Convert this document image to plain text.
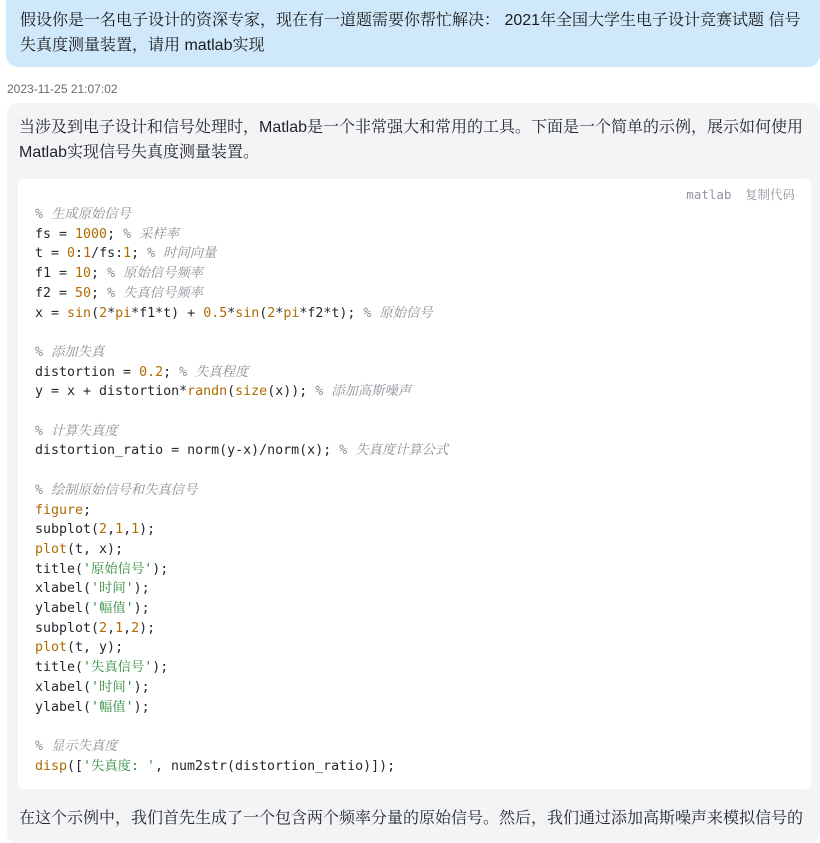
假设你是一名电子设计的资深专家，现在有一道题需要你帮忙解决： 2021年全国大学生电子设计竞赛试题 信号失真度测量装置，请用 matlab实现
2023-11-25 21:07:02
当涉及到电子设计和信号处理时，Matlab是一个非常强大和常用的工具。下面是一个简单的示例，展示如何使用Matlab实现信号失真度测量装置。
matlab 复制代码
% 生成原始信号
fs = 1000; % 采样率
t = 0:1/fs:1; % 时间向量
f1 = 10; % 原始信号频率
f2 = 50; % 失真信号频率
x = sin(2*pi*f1*t) + 0.5*sin(2*pi*f2*t); % 原始信号

% 添加失真
distortion = 0.2; % 失真程度
y = x + distortion*randn(size(x)); % 添加高斯噪声

% 计算失真度
distortion_ratio = norm(y-x)/norm(x); % 失真度计算公式

% 绘制原始信号和失真信号
figure;
subplot(2,1,1);
plot(t, x);
title('原始信号');
xlabel('时间');
ylabel('幅值');
subplot(2,1,2);
plot(t, y);
title('失真信号');
xlabel('时间');
ylabel('幅值');

% 显示失真度
disp(['失真度: ', num2str(distortion_ratio)]);
在这个示例中，我们首先生成了一个包含两个频率分量的原始信号。然后，我们通过添加高斯噪声来模拟信号的
